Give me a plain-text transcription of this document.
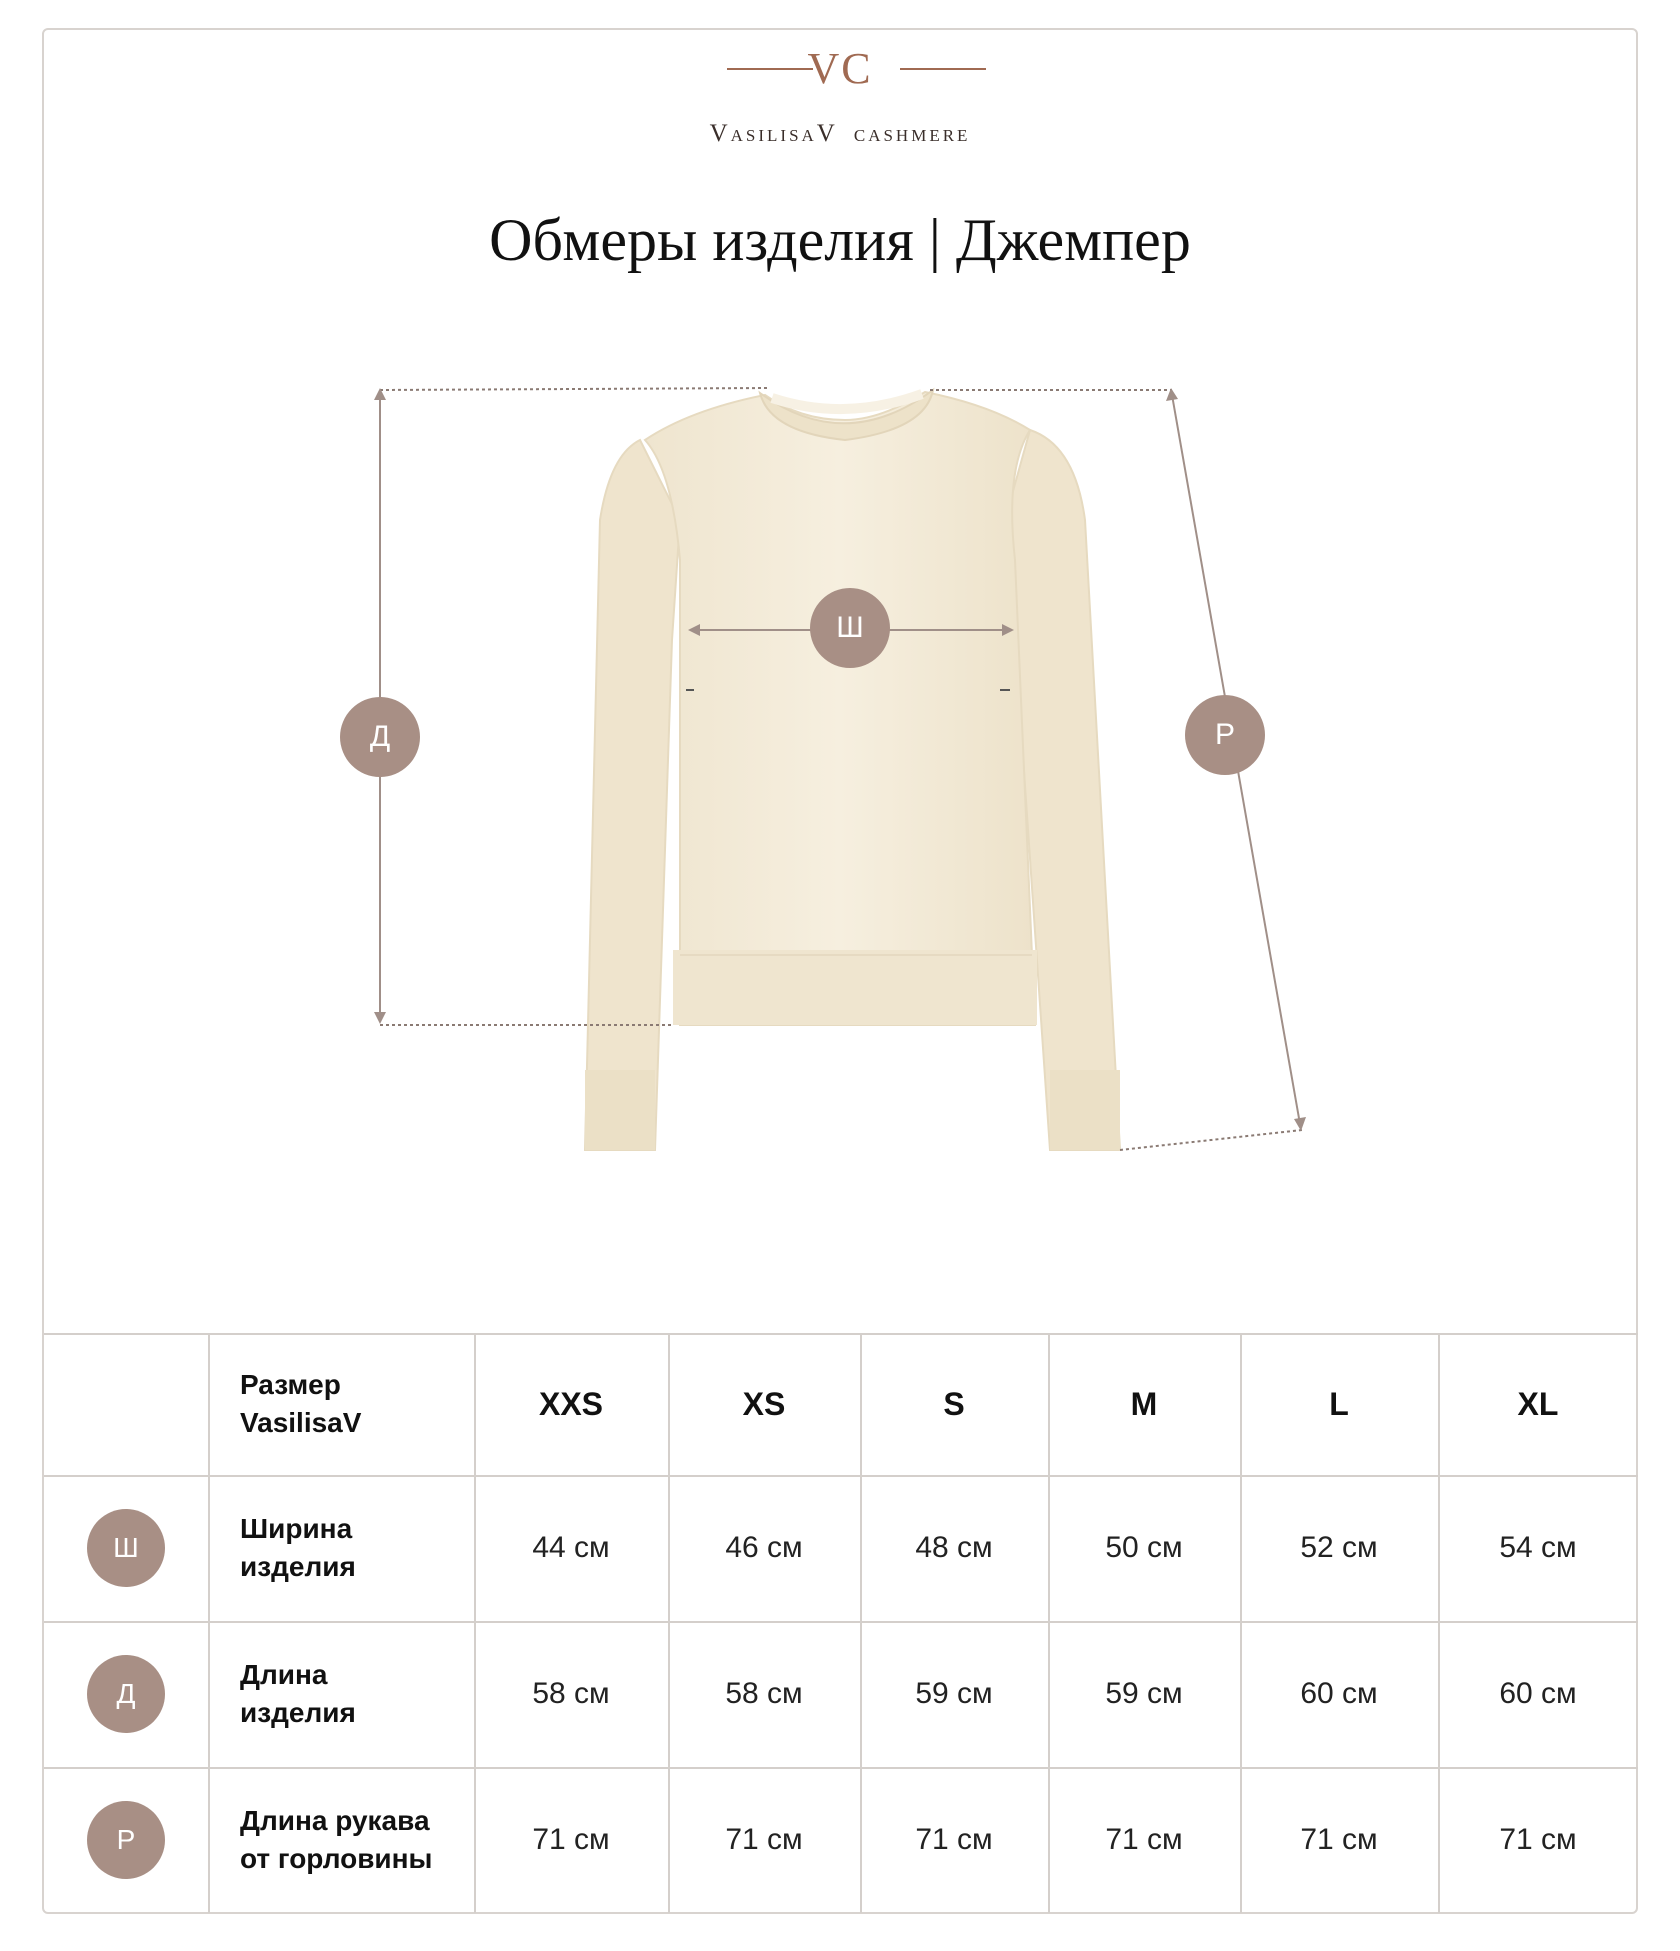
VC
VASILISAV CASHMERE
Обмеры изделия | Джемпер
Ш
Д	Р
Размер
VasilisaV
XXS	XS	S	M	L	XL
Ш
Ширина
изделия
44 см	46 см	48 см	50 см	52 см	54 см
Д
Длина
изделия
58 см	58 см	59 см	59 см	60 см	60 см
Р
Длина рукава
от горловины
71 см	71 см	71 см	71 см	71 см	71 см
